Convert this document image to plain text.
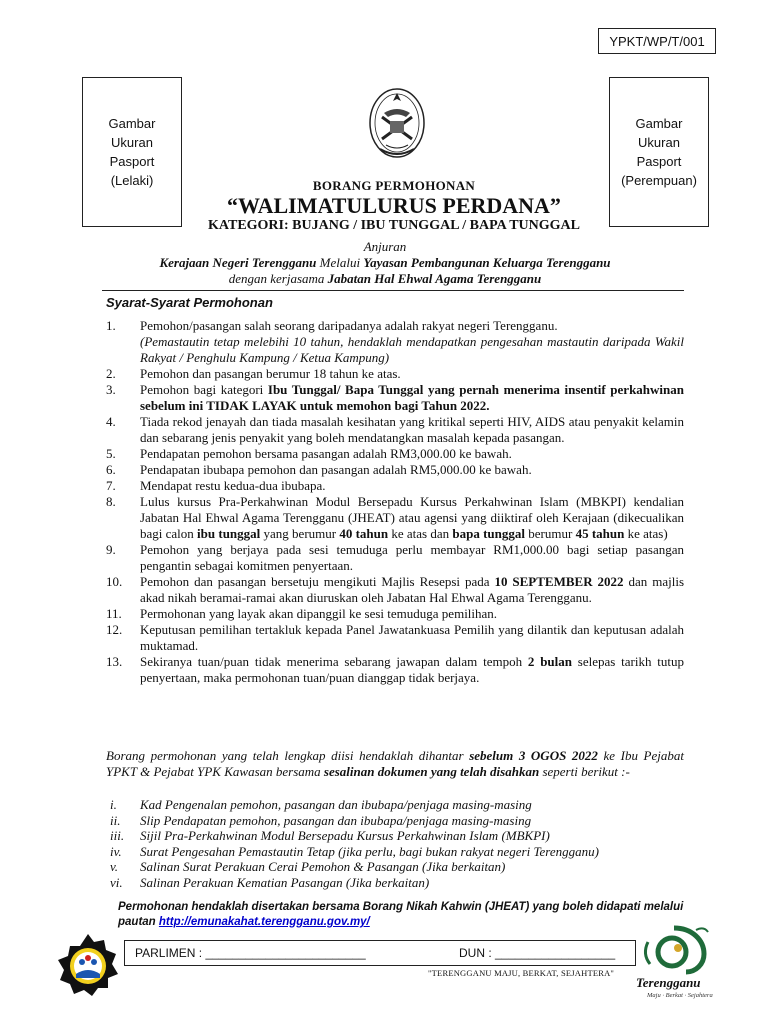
YPKT/WP/T/001
Gambar
Ukuran
Pasport
(Lelaki)
Gambar
Ukuran
Pasport
(Perempuan)
BORANG PERMOHONAN
“WALIMATULURUS PERDANA”
KATEGORI: BUJANG / IBU TUNGGAL / BAPA TUNGGAL
Anjuran
Kerajaan Negeri Terengganu Melalui Yayasan Pembangunan Keluarga Terengganu
dengan kerjasama Jabatan Hal Ehwal Agama Terengganu
Syarat-Syarat Permohonan
1.	Pemohon/pasangan salah seorang daripadanya adalah rakyat negeri Terengganu.
(Pemastautin tetap melebihi 10 tahun, hendaklah mendapatkan pengesahan mastautin daripada Wakil Rakyat / Penghulu Kampung / Ketua Kampung)
2.	Pemohon dan pasangan berumur 18 tahun ke atas.
3.	Pemohon bagi kategori Ibu Tunggal/ Bapa Tunggal yang pernah menerima insentif perkahwinan sebelum ini TIDAK LAYAK untuk memohon bagi Tahun 2022.
4.	Tiada rekod jenayah dan tiada masalah kesihatan yang kritikal seperti HIV, AIDS atau penyakit kelamin dan sebarang jenis penyakit yang boleh mendatangkan masalah kepada pasangan.
5.	Pendapatan pemohon bersama pasangan adalah RM3,000.00 ke bawah.
6.	Pendapatan ibubapa pemohon dan pasangan adalah RM5,000.00 ke bawah.
7.	Mendapat restu kedua-dua ibubapa.
8.	Lulus kursus Pra-Perkahwinan Modul Bersepadu Kursus Perkahwinan Islam (MBKPI) kendalian Jabatan Hal Ehwal Agama Terengganu (JHEAT) atau agensi yang diiktiraf oleh Kerajaan (dikecualikan bagi calon ibu tunggal yang berumur 40 tahun ke atas dan bapa tunggal berumur 45 tahun ke atas)
9.	Pemohon yang berjaya pada sesi temuduga perlu membayar RM1,000.00 bagi setiap pasangan pengantin sebagai komitmen penyertaan.
10.	Pemohon dan pasangan bersetuju mengikuti Majlis Resepsi pada 10 SEPTEMBER 2022 dan majlis akad nikah beramai-ramai akan diuruskan oleh Jabatan Hal Ehwal Agama Terengganu.
11.	Permohonan yang layak akan dipanggil ke sesi temuduga pemilihan.
12.	Keputusan pemilihan tertakluk kepada Panel Jawatankuasa Pemilih yang dilantik dan keputusan adalah muktamad.
13.	Sekiranya tuan/puan tidak menerima sebarang jawapan dalam tempoh 2 bulan selepas tarikh tutup penyertaan, maka permohonan tuan/puan dianggap tidak berjaya.
Borang permohonan yang telah lengkap diisi hendaklah dihantar sebelum 3 OGOS 2022 ke Ibu Pejabat YPKT & Pejabat YPK Kawasan bersama sesalinan dokumen yang telah disahkan seperti berikut :-
i.	Kad Pengenalan pemohon, pasangan dan ibubapa/penjaga masing-masing
ii.	Slip Pendapatan pemohon, pasangan dan ibubapa/penjaga masing-masing
iii.	Sijil Pra-Perkahwinan Modul Bersepadu Kursus Perkahwinan Islam (MBKPI)
iv.	Surat Pengesahan Pemastautin Tetap (jika perlu, bagi bukan rakyat negeri Terengganu)
v.	Salinan Surat Perakuan Cerai Pemohon & Pasangan (Jika berkaitan)
vi.	Salinan Perakuan Kematian Pasangan (Jika berkaitan)
Permohonan hendaklah disertakan bersama Borang Nikah Kahwin (JHEAT) yang boleh didapati melalui pautan http://emunakahat.terengganu.gov.my/
PARLIMEN : ________________________	DUN : __________________
"TERENGGANU MAJU, BERKAT, SEJAHTERA"
Terengganu
Maju · Berkat · Sejahtera
